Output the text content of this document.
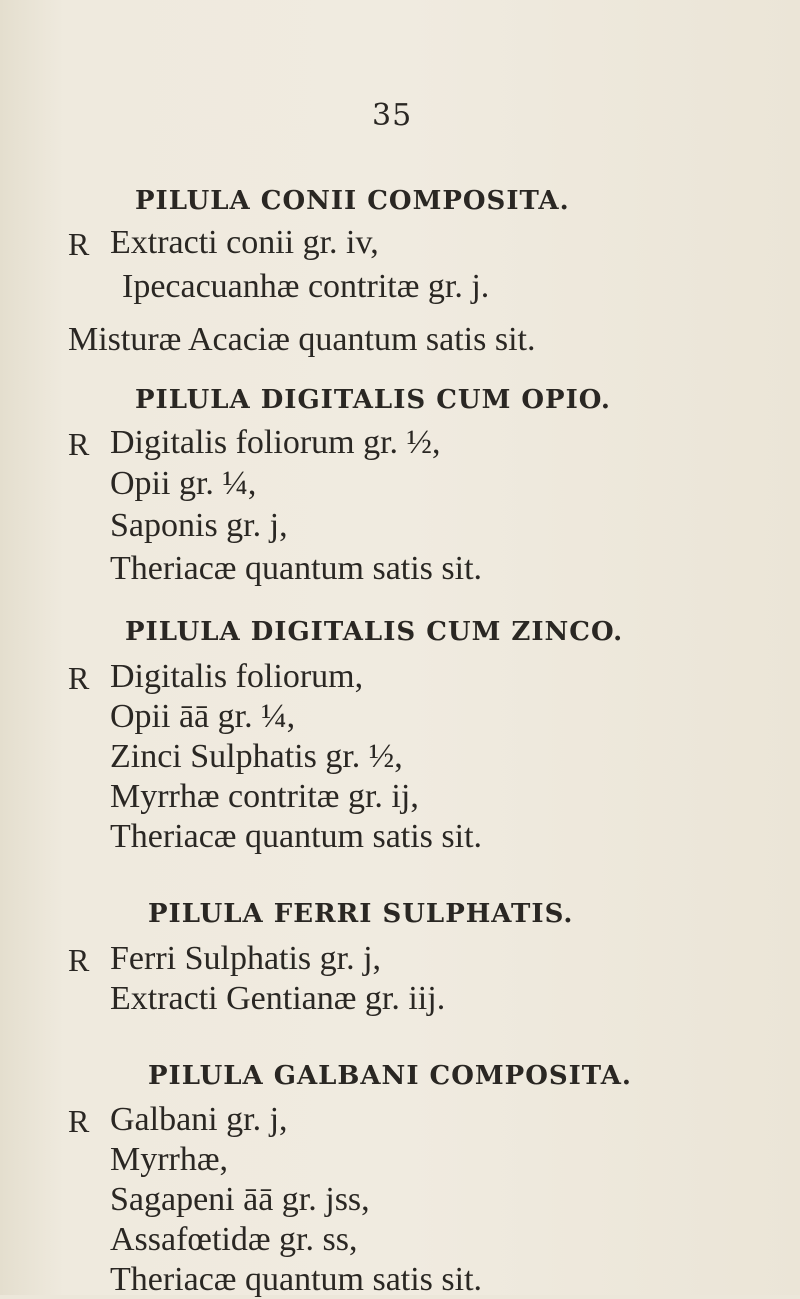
35
PILULA CONII COMPOSITA.
R Extracti conii gr. iv,
Ipecacuanhæ contritæ gr. j.
Misturæ Acaciæ quantum satis sit.
PILULA DIGITALIS CUM OPIO.
R Digitalis foliorum gr. ½,
Opii gr. ¼,
Saponis gr. j,
Theriacæ quantum satis sit.
PILULA DIGITALIS CUM ZINCO.
R Digitalis foliorum,
Opii āā gr. ¼,
Zinci Sulphatis gr. ½,
Myrrhæ contritæ gr. ij,
Theriacæ quantum satis sit.
PILULA FERRI SULPHATIS.
R Ferri Sulphatis gr. j,
Extracti Gentianæ gr. iij.
PILULA GALBANI COMPOSITA.
R Galbani gr. j,
Myrrhæ,
Sagapeni āā gr. jss,
Assafœtidæ gr. ss,
Theriacæ quantum satis sit.
